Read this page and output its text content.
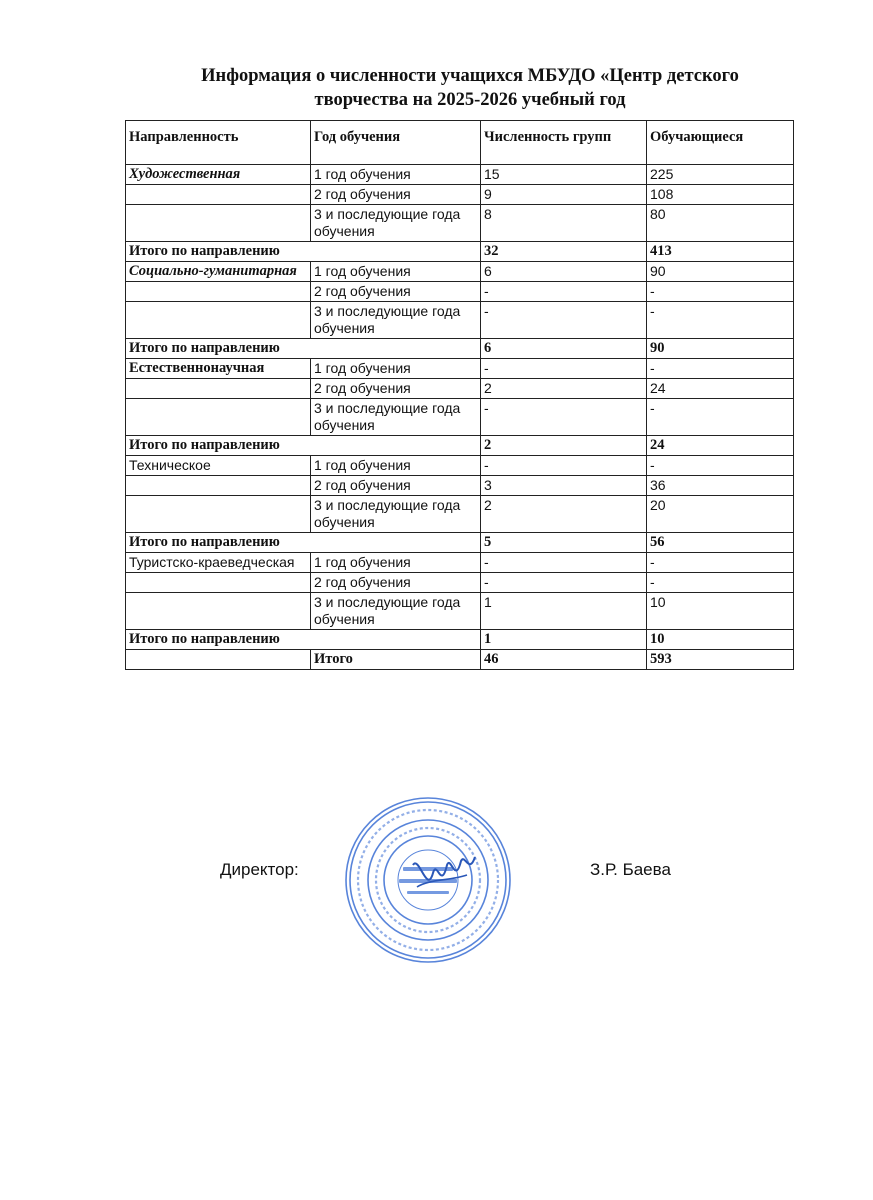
Информация о численности учащихся МБУДО «Центр детского
творчества на 2025-2026 учебный год
Направленность	Год обучения	Численность групп	Обучающиеся
Художественная	1 год обучения	15	225
	2 год обучения	9	108
	3 и последующие года обучения	8	80
Итого по направлению		32	413
Социально-гуманитарная	1 год обучения	6	90
	2 год обучения	-	-
	3 и последующие года обучения	-	-
Итого по направлению		6	90
Естественнонаучная	1 год обучения	-	-
	2 год обучения	2	24
	3 и последующие года обучения	-	-
Итого по направлению		2	24
Техническое	1 год обучения	-	-
	2 год обучения	3	36
	3 и последующие года обучения	2	20
Итого по направлению		5	56
Туристско-краеведческая	1 год обучения	-	-
	2 год обучения	-	-
	3 и последующие года обучения	1	10
Итого по направлению		1	10
	Итого	46	593
Директор:	З.Р. Баева
